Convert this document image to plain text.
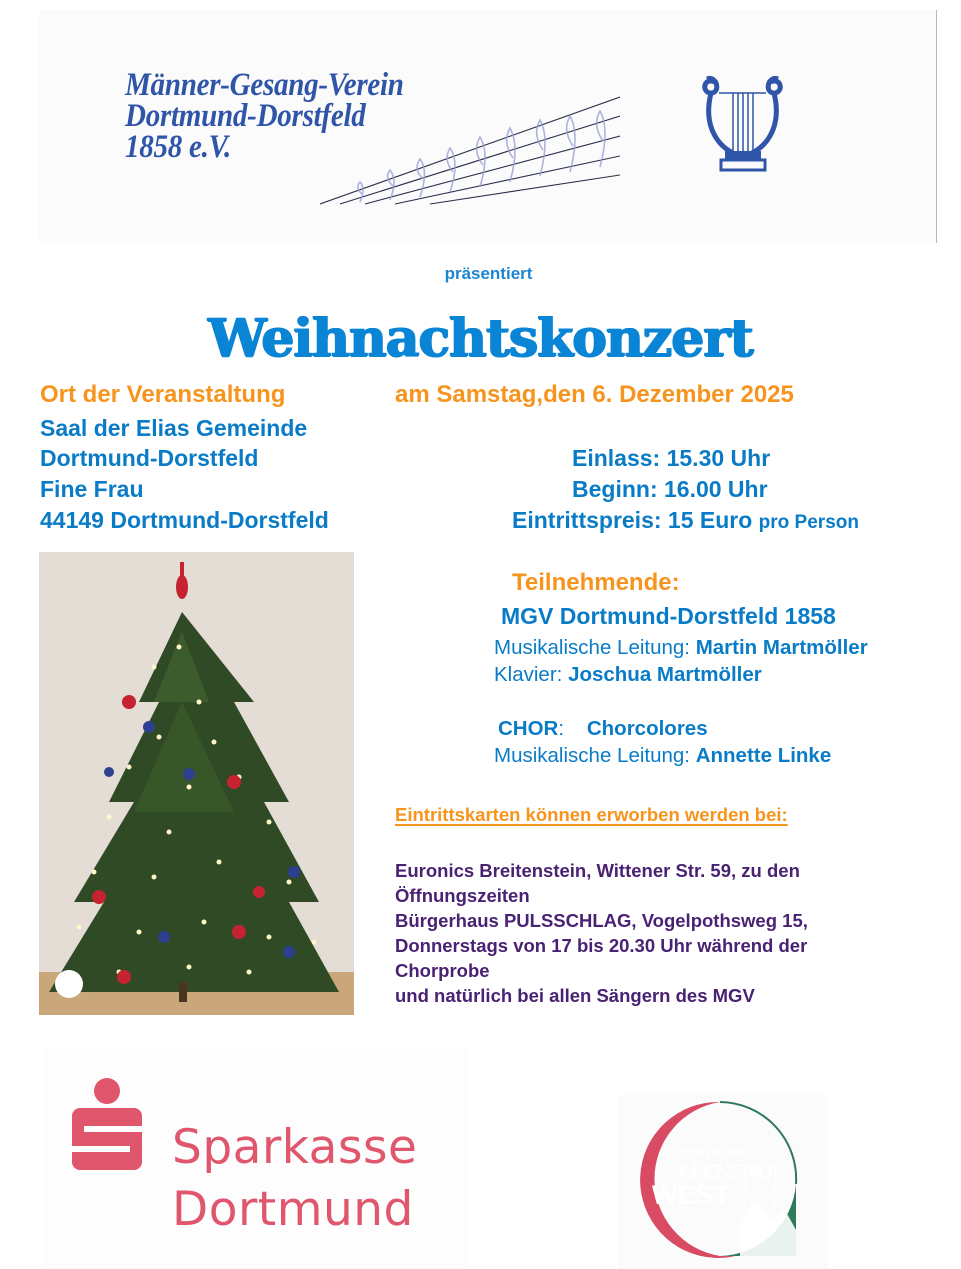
Männer-Gesang-Verein
Dortmund-Dorstfeld
1858 e.V.
präsentiert
Weihnachtskonzert
Ort der Veranstaltung
Saal der Elias Gemeinde
Dortmund-Dorstfeld
Fine Frau
44149 Dortmund-Dorstfeld
am Samstag,den 6. Dezember 2025
Einlass: 15.30 Uhr
Beginn: 16.00 Uhr
Eintrittspreis: 15 Euro pro Person
Teilnehmende:
MGV Dortmund-Dorstfeld 1858
Musikalische Leitung: Martin Martmöller
Klavier: Joschua Martmöller
CHOR: Chorcolores
Musikalische Leitung: Annette Linke
Eintrittskarten können erworben werden bei:
Euronics Breitenstein, Wittener Str. 59, zu den
Öffnungszeiten
Bürgerhaus PULSSCHLAG, Vogelpothsweg 15,
Donnerstags von 17 bis 20.30 Uhr während der
Chorprobe
und natürlich bei allen Sängern des MGV
Sparkasse
Dortmund
DORTMUND
INNENSTADT
WEST
